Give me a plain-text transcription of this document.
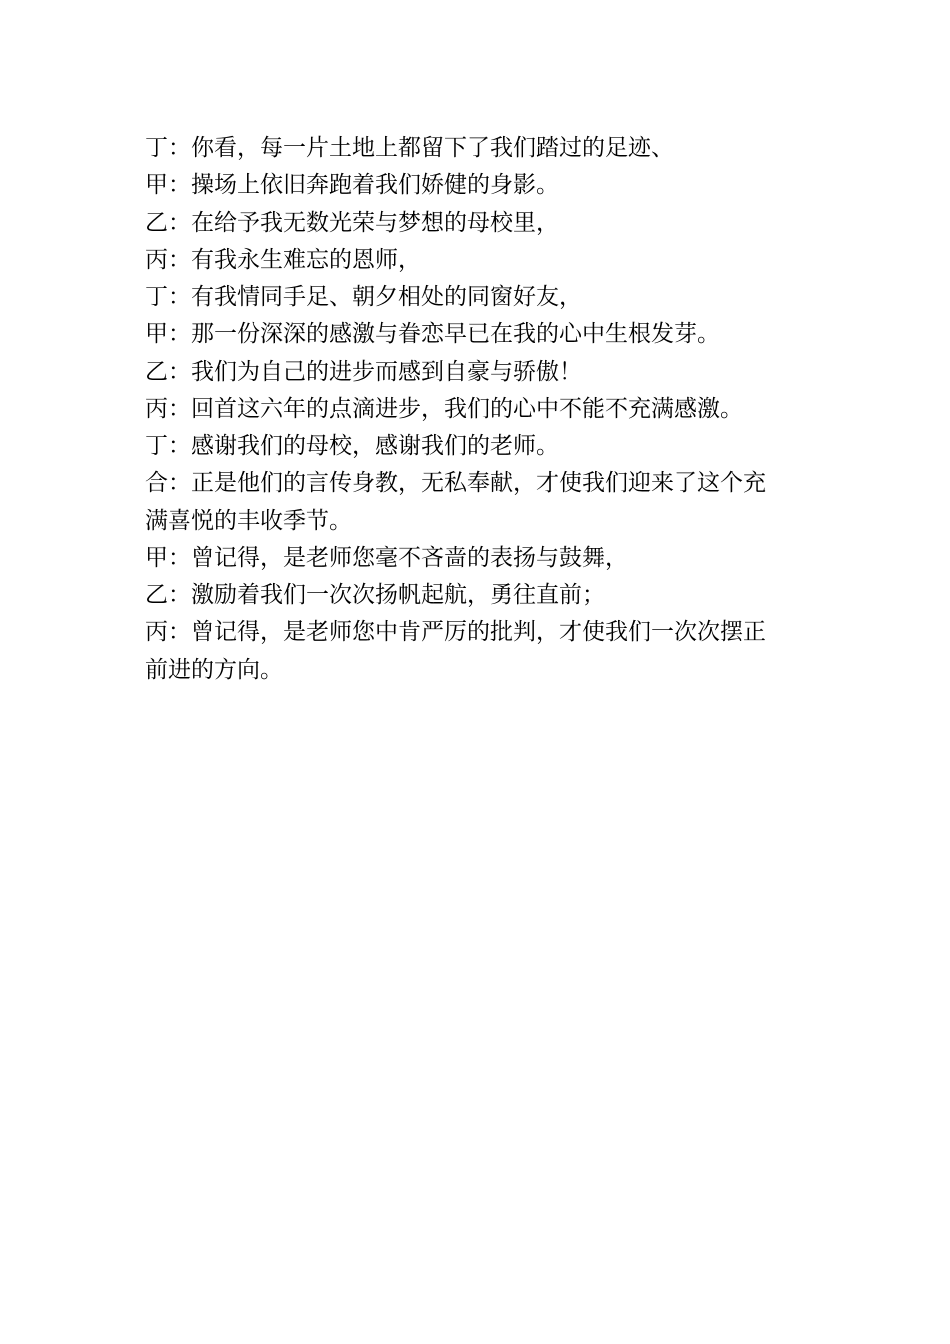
丁：你看，每一片土地上都留下了我们踏过的足迹、

甲：操场上依旧奔跑着我们娇健的身影。

乙：在给予我无数光荣与梦想的母校里，

丙：有我永生难忘的恩师，

丁：有我情同手足、朝夕相处的同窗好友，

甲：那一份深深的感激与眷恋早已在我的心中生根发芽。

乙：我们为自己的进步而感到自豪与骄傲！

丙：回首这六年的点滴进步，我们的心中不能不充满感激。

丁：感谢我们的母校，感谢我们的老师。

合：正是他们的言传身教，无私奉献，才使我们迎来了这个充

满喜悦的丰收季节。

甲：曾记得，是老师您毫不吝啬的表扬与鼓舞，

乙：激励着我们一次次扬帆起航，勇往直前；

丙：曾记得，是老师您中肯严厉的批判，才使我们一次次摆正

前进的方向。
